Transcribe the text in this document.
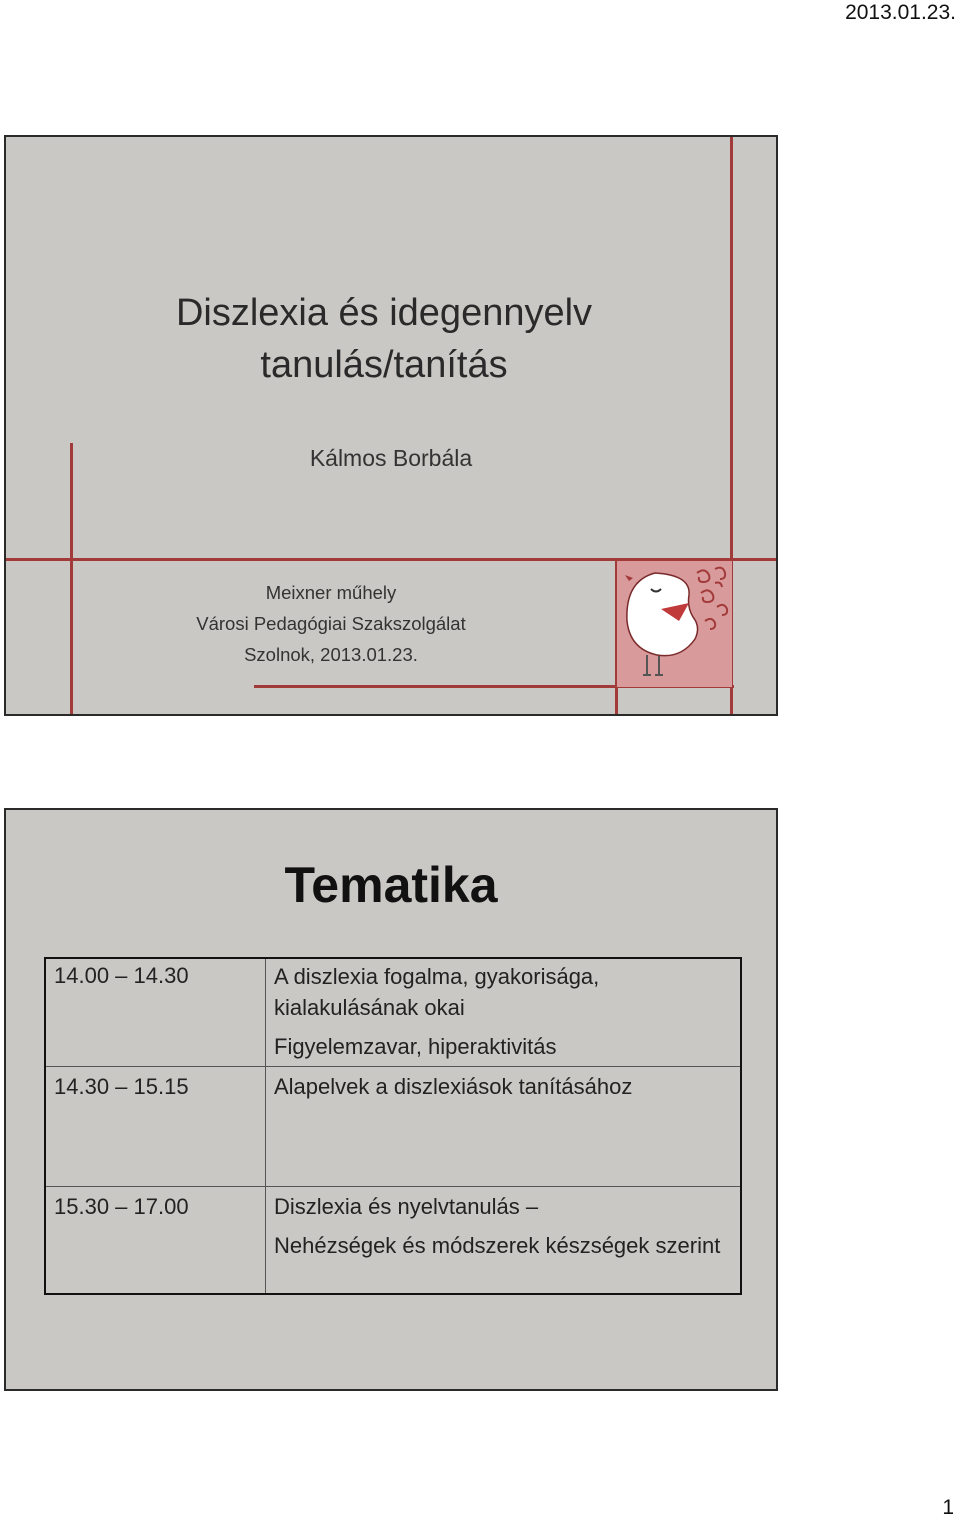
2013.01.23.
Diszlexia és idegennyelv
tanulás/tanítás
Kálmos Borbála
Meixner műhely
Városi Pedagógiai Szakszolgálat
Szolnok, 2013.01.23.
Tematika
14.00 – 14.30	A diszlexia fogalma, gyakorisága,
kialakulásának okai
Figyelemzavar, hiperaktivitás
14.30 – 15.15	Alapelvek a diszlexiások tanításához
15.30 – 17.00	Diszlexia és nyelvtanulás –
Nehézségek és módszerek készségek szerint
1
